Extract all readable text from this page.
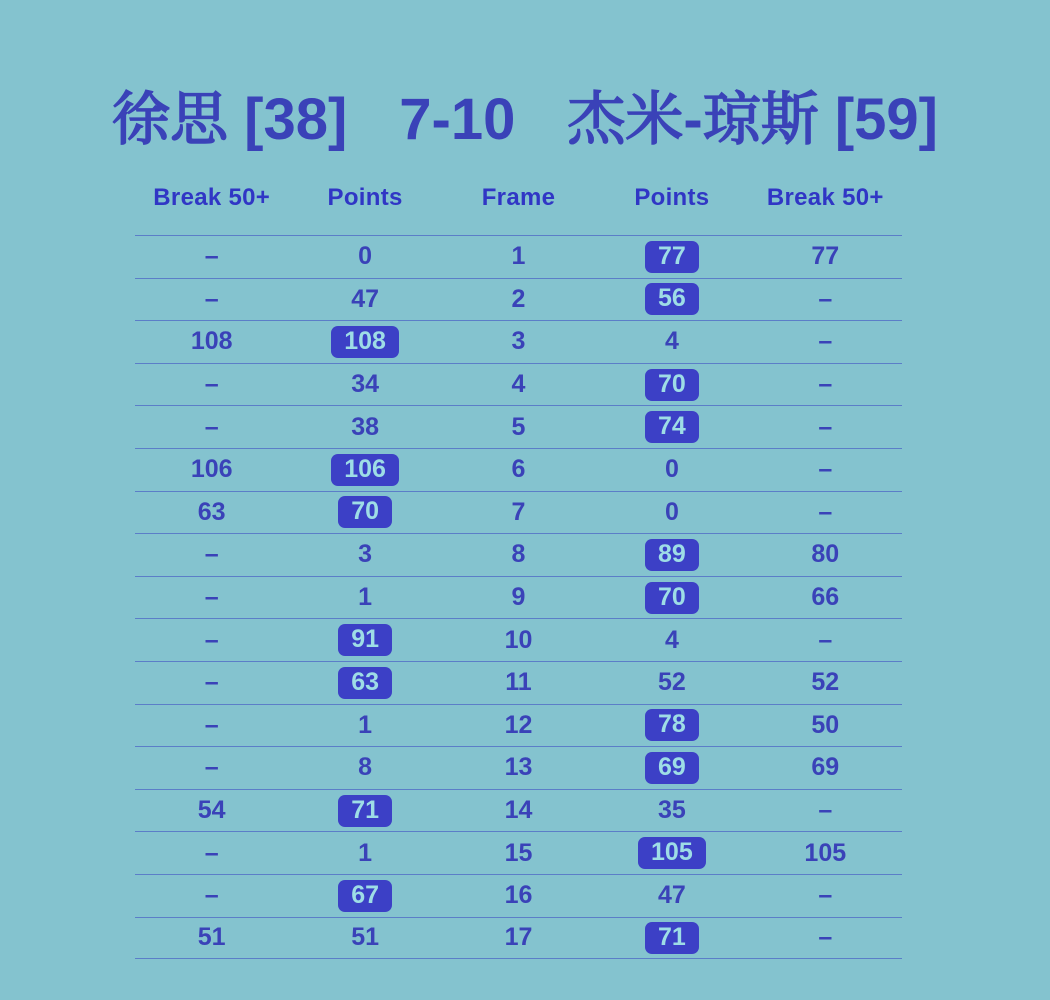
徐思 [38] 7-10 杰米-琼斯 [59]
Break 50+	Points	Frame	Points	Break 50+
–	0	1	77	77
–	47	2	56	–
108	108	3	4	–
–	34	4	70	–
–	38	5	74	–
106	106	6	0	–
63	70	7	0	–
–	3	8	89	80
–	1	9	70	66
–	91	10	4	–
–	63	11	52	52
–	1	12	78	50
–	8	13	69	69
54	71	14	35	–
–	1	15	105	105
–	67	16	47	–
51	51	17	71	–
